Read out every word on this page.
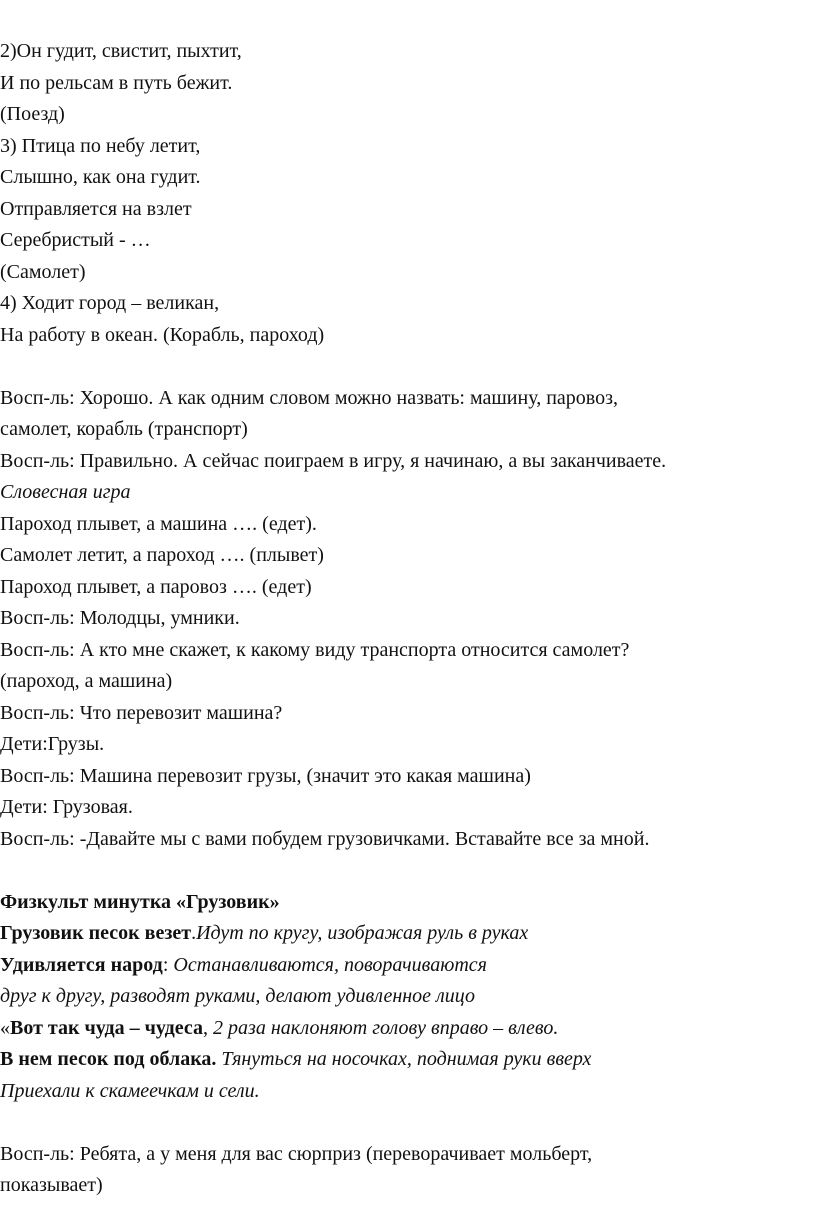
2)Он гудит, свистит, пыхтит,

И по рельсам в путь бежит.

(Поезд)

3) Птица по небу летит,

Слышно, как она гудит.

Отправляется на взлет

Серебристый - …

(Самолет)

4) Ходит город – великан,

На работу в океан. (Корабль, пароход)

Восп-ль: Хорошо. А как одним словом можно назвать: машину, паровоз,

самолет, корабль (транспорт)

Восп-ль: Правильно. А сейчас поиграем в игру, я начинаю, а вы заканчиваете.

Словесная игра

Пароход плывет, а машина …. (едет).

Самолет летит, а пароход …. (плывет)

Пароход плывет, а паровоз …. (едет)

Восп-ль: Молодцы, умники.

Восп-ль: А кто мне скажет, к какому виду транспорта относится самолет?

(пароход, а машина)

Восп-ль: Что перевозит машина?

Дети:Грузы.

Восп-ль: Машина перевозит грузы, (значит это какая машина)

Дети: Грузовая.

Восп-ль: -Давайте мы с вами побудем грузовичками. Вставайте все за мной.

Физкульт минутка «Грузовик»

Грузовик песок везет.Идут по кругу, изображая руль в руках

Удивляется народ: Останавливаются, поворачиваются

друг к другу, разводят руками, делают удивленное лицо

«Вот так чуда – чудеса, 2 раза наклоняют голову вправо – влево.

В нем песок под облака. Тянуться на носочках, поднимая руки вверх

Приехали к скамеечкам и сели.

Восп-ль: Ребята, а у меня для вас сюрприз (переворачивает мольберт,

показывает)
